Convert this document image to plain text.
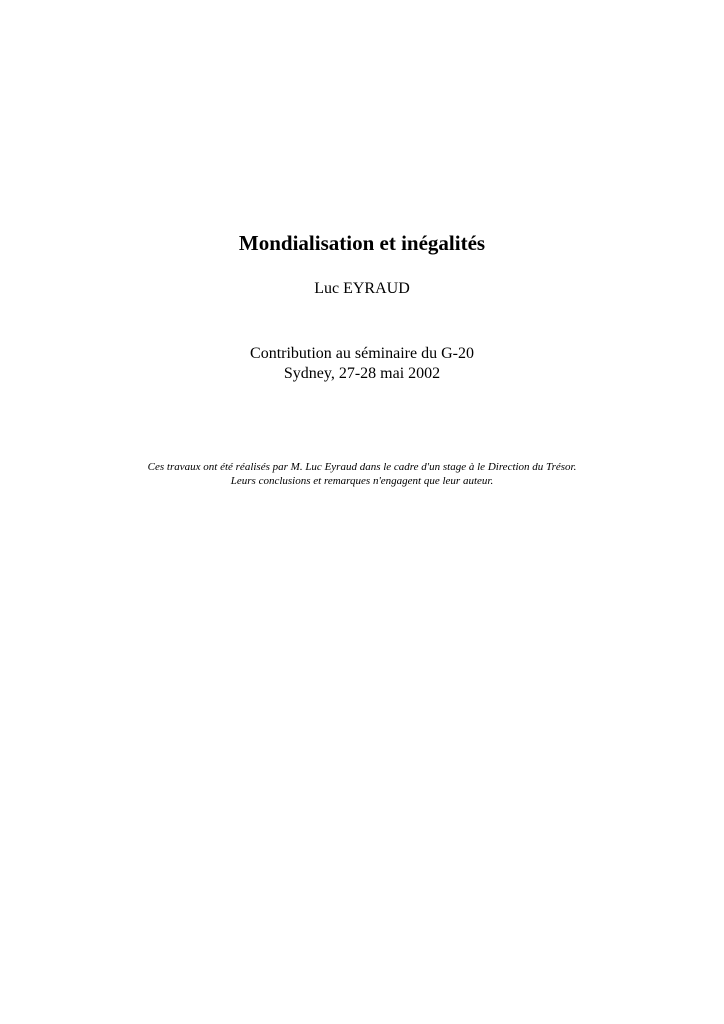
Mondialisation et inégalités
Luc EYRAUD
Contribution au séminaire du G-20
Sydney, 27-28 mai 2002
Ces travaux ont été réalisés par M. Luc Eyraud dans le cadre d'un stage à le Direction du Trésor.
Leurs conclusions et remarques n'engagent que leur auteur.
